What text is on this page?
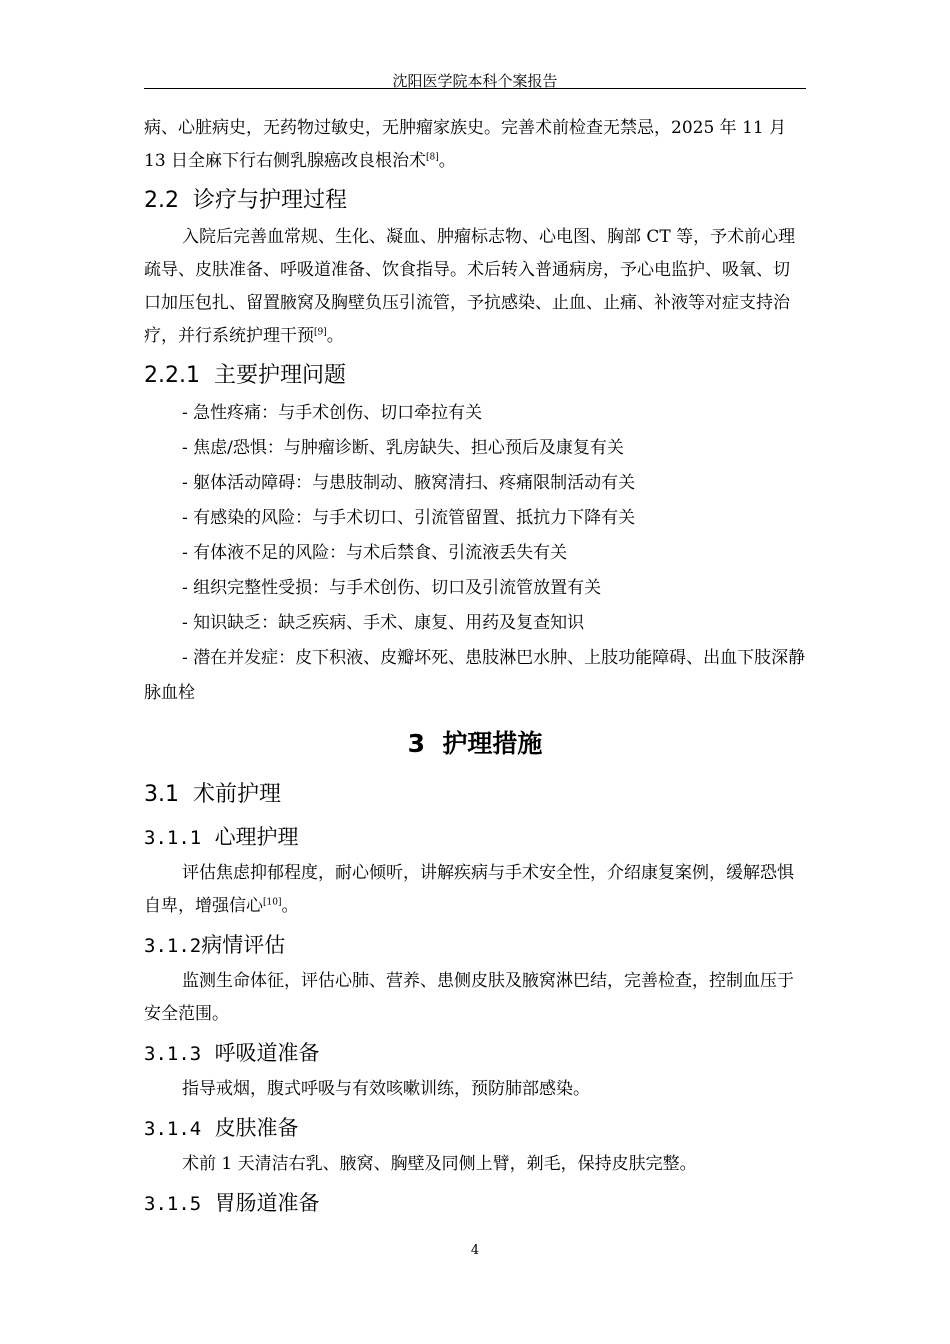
沈阳医学院本科个案报告

病、心脏病史，无药物过敏史，无肿瘤家族史。完善术前检查无禁忌，2025 年 11 月 13 日全麻下行右侧乳腺癌改良根治术[8]。

2.2 诊疗与护理过程

入院后完善血常规、生化、凝血、肿瘤标志物、心电图、胸部 CT 等，予术前心理疏导、皮肤准备、呼吸道准备、饮食指导。术后转入普通病房，予心电监护、吸氧、切口加压包扎、留置腋窝及胸壁负压引流管，予抗感染、止血、止痛、补液等对症支持治疗，并行系统护理干预[9]。

2.2.1 主要护理问题
- 急性疼痛：与手术创伤、切口牵拉有关
- 焦虑/恐惧：与肿瘤诊断、乳房缺失、担心预后及康复有关
- 躯体活动障碍：与患肢制动、腋窝清扫、疼痛限制活动有关
- 有感染的风险：与手术切口、引流管留置、抵抗力下降有关
- 有体液不足的风险：与术后禁食、引流液丢失有关
- 组织完整性受损：与手术创伤、切口及引流管放置有关
- 知识缺乏：缺乏疾病、手术、康复、用药及复查知识
- 潜在并发症：皮下积液、皮瓣坏死、患肢淋巴水肿、上肢功能障碍、出血下肢深静脉血栓
3 护理措施
3.1 术前护理
3.1.1 心理护理

评估焦虑抑郁程度，耐心倾听，讲解疾病与手术安全性，介绍康复案例，缓解恐惧自卑，增强信心[10]。

3.1.2病情评估

监测生命体征，评估心肺、营养、患侧皮肤及腋窝淋巴结，完善检查，控制血压于安全范围。

3.1.3 呼吸道准备

指导戒烟，腹式呼吸与有效咳嗽训练，预防肺部感染。

3.1.4 皮肤准备

术前 1 天清洁右乳、腋窝、胸壁及同侧上臂，剃毛，保持皮肤完整。

3.1.5 胃肠道准备
4
